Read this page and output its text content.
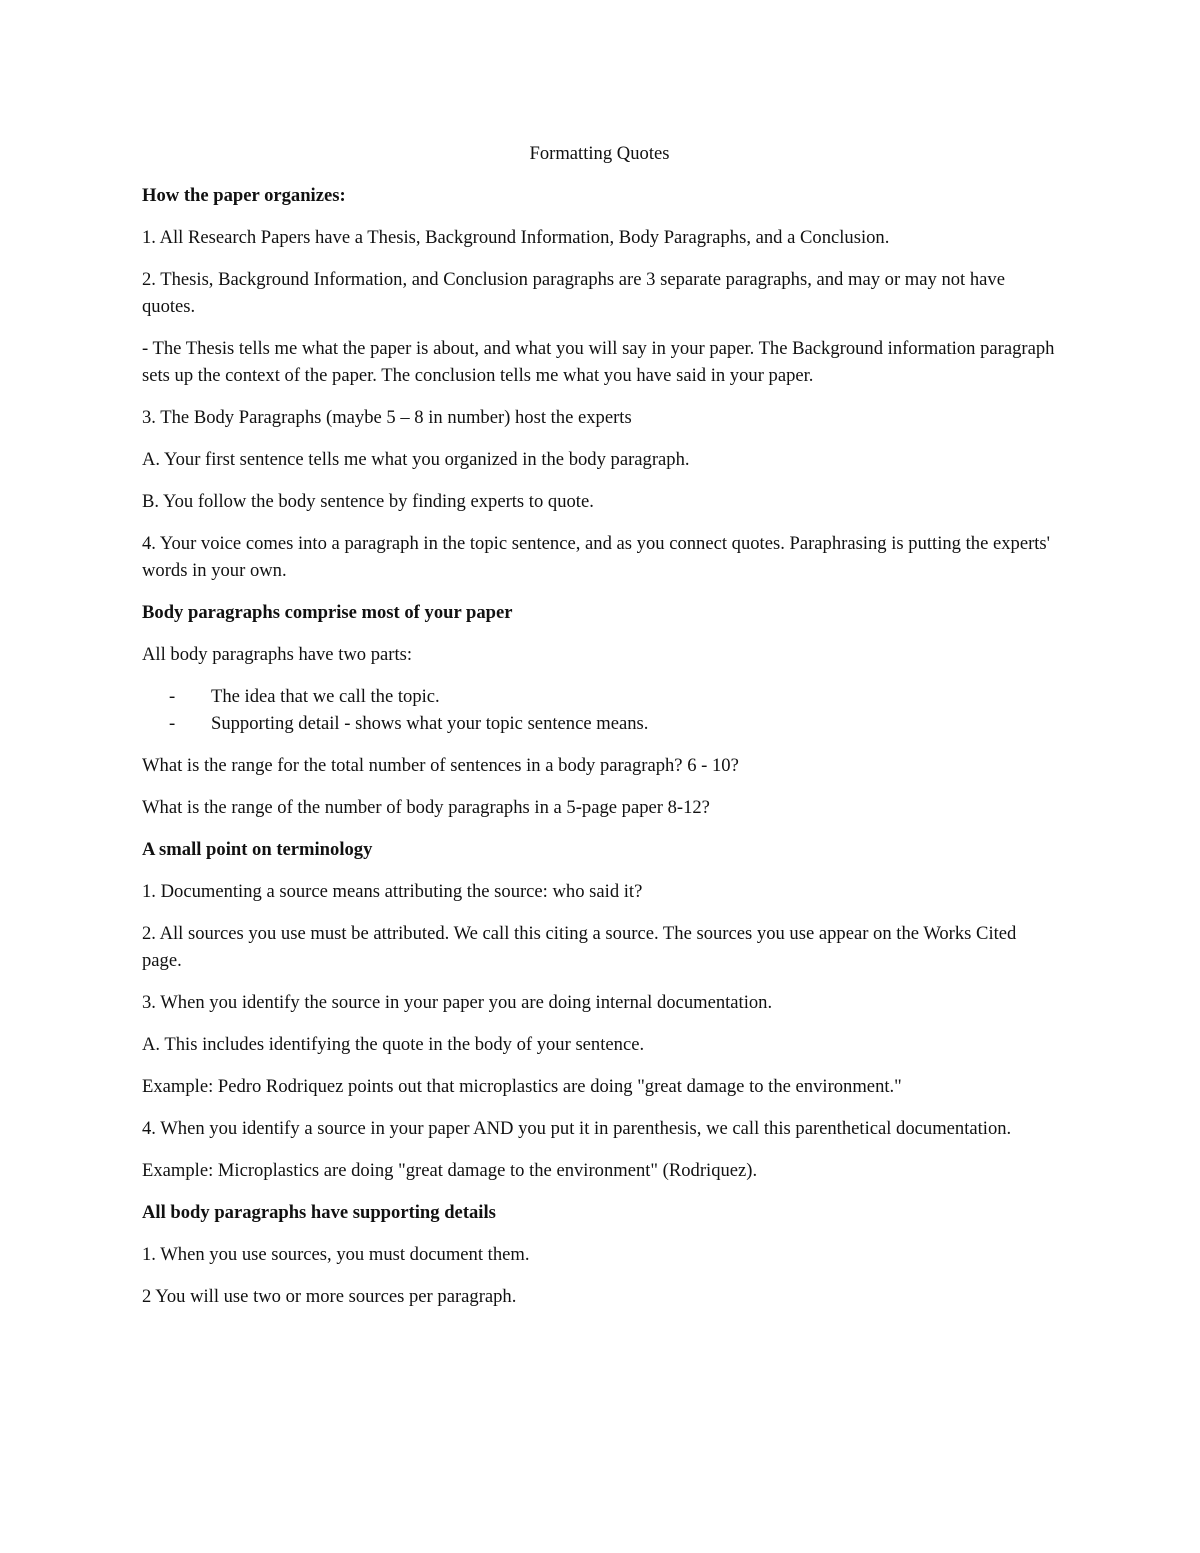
Formatting Quotes

How the paper organizes:

1. All Research Papers have a Thesis, Background Information, Body Paragraphs, and a Conclusion.

2. Thesis, Background Information, and Conclusion paragraphs are 3 separate paragraphs, and may or may not have quotes.

- The Thesis tells me what the paper is about, and what you will say in your paper. The Background information paragraph sets up the context of the paper. The conclusion tells me what you have said in your paper.

3. The Body Paragraphs (maybe 5 – 8 in number) host the experts

A. Your first sentence tells me what you organized in the body paragraph.

B. You follow the body sentence by finding experts to quote.

4. Your voice comes into a paragraph in the topic sentence, and as you connect quotes. Paraphrasing is putting the experts' words in your own.

Body paragraphs comprise most of your paper

All body paragraphs have two parts:

- The idea that we call the topic.
- Supporting detail - shows what your topic sentence means.

What is the range for the total number of sentences in a body paragraph? 6 - 10?

What is the range of the number of body paragraphs in a 5-page paper 8-12?

A small point on terminology

1. Documenting a source means attributing the source: who said it?

2. All sources you use must be attributed. We call this citing a source. The sources you use appear on the Works Cited page.

3. When you identify the source in your paper you are doing internal documentation.

A. This includes identifying the quote in the body of your sentence.

Example: Pedro Rodriquez points out that microplastics are doing "great damage to the environment."

4. When you identify a source in your paper AND you put it in parenthesis, we call this parenthetical documentation.

Example: Microplastics are doing "great damage to the environment" (Rodriquez).

All body paragraphs have supporting details

1. When you use sources, you must document them.

2 You will use two or more sources per paragraph.
